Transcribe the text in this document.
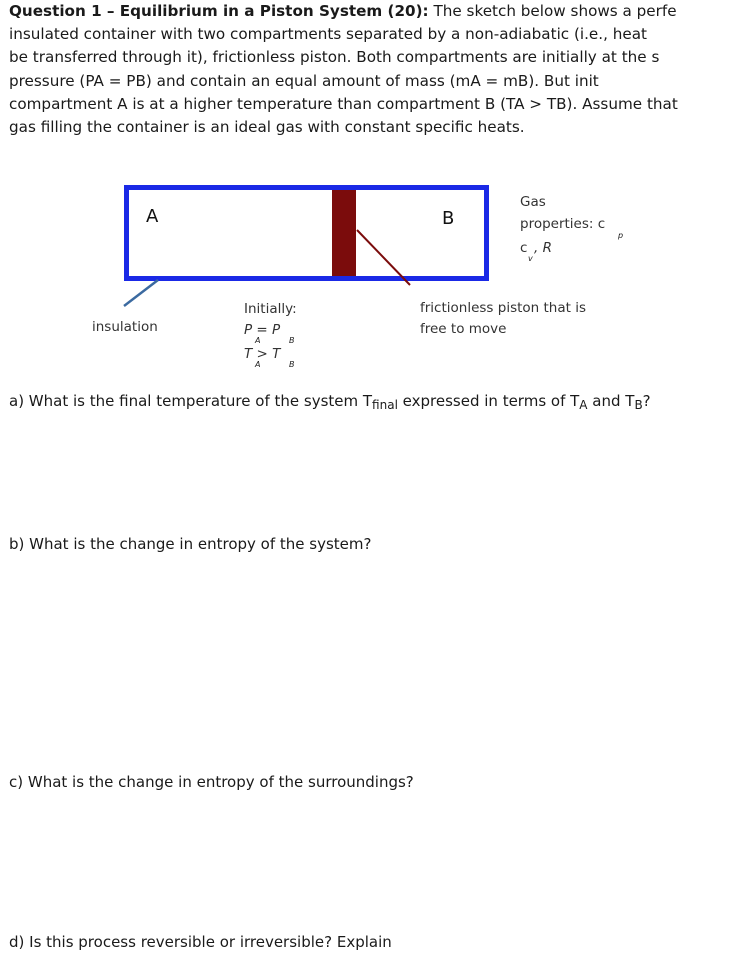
Question 1 – Equilibrium in a Piston System (20): The sketch below shows a perfe
insulated container with two compartments separated by a non-adiabatic (i.e., heat
be transferred through it), frictionless piston. Both compartments are initially at the s
pressure (PA = PB) and contain an equal amount of mass (mA = mB). But init
compartment A is at a higher temperature than compartment B (TA > TB). Assume that
gas filling the container is an ideal gas with constant specific heats.
A	B
Gas
properties: c
p
c
v
, R
insulation
Initially:
P = P
A	B
T > T
A	B
frictionless piston that is
free to move
a) What is the final temperature of the system $T_{final}$ expressed in terms of $T_A$ and $T_B$?
b) What is the change in entropy of the system?
c) What is the change in entropy of the surroundings?
d) Is this process reversible or irreversible? Explain
